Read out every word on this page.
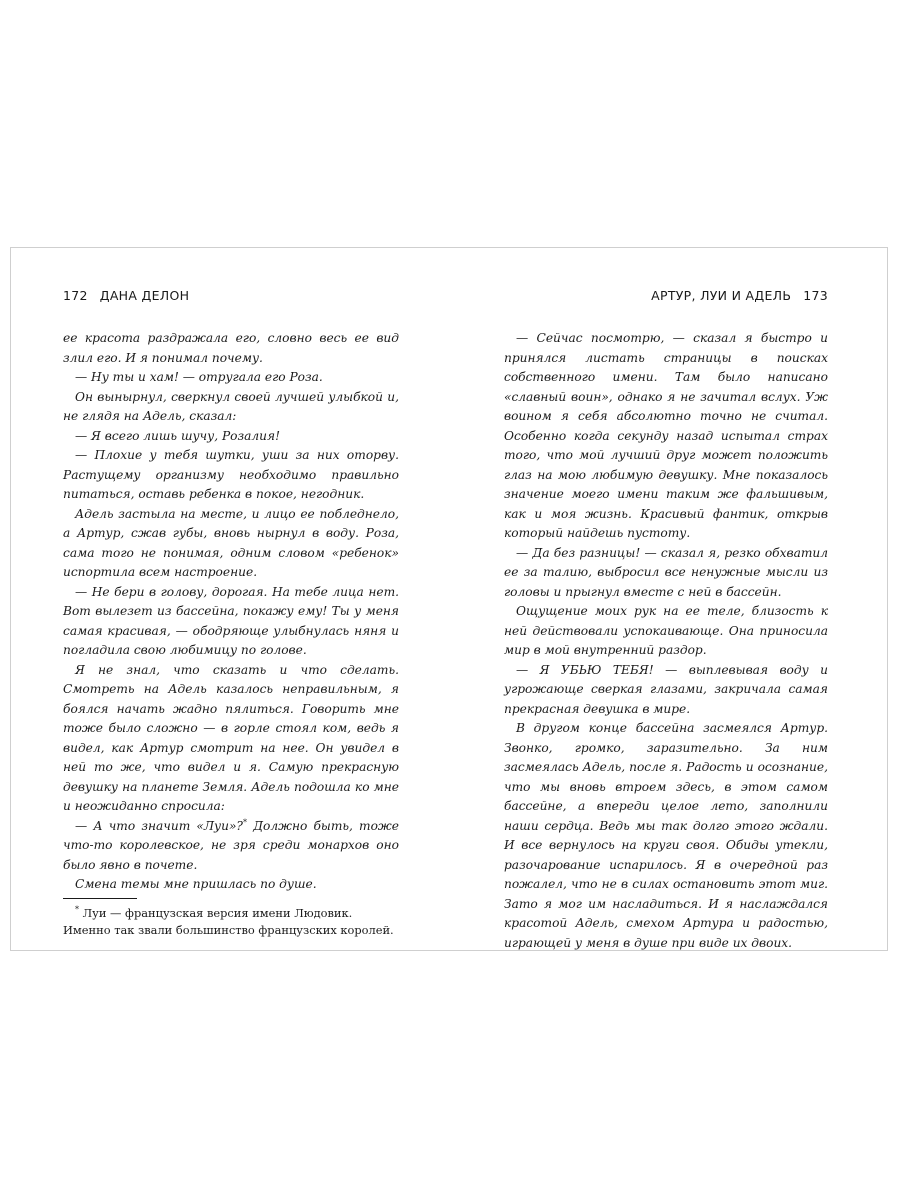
172 ДАНА ДЕЛОН

ее красота раздражала его, словно весь ее вид злил его. И я понимал почему.

— Ну ты и хам! — отругала его Роза.

Он вынырнул, сверкнул своей лучшей улыбкой и, не глядя на Адель, сказал:

— Я всего лишь шучу, Розалия!

— Плохие у тебя шутки, уши за них оторву. Растущему организму необходимо правильно питаться, оставь ребенка в покое, негодник.

Адель застыла на месте, и лицо ее побледнело, а Артур, сжав губы, вновь нырнул в воду. Роза, сама того не понимая, одним словом «ребенок» испортила всем настроение.

— Не бери в голову, дорогая. На тебе лица нет. Вот вылезет из бассейна, покажу ему! Ты у меня самая красивая, — ободряюще улыбнулась няня и погладила свою любимицу по голове.

Я не знал, что сказать и что сделать. Смотреть на Адель казалось неправильным, я боялся начать жадно пялиться. Говорить мне тоже было сложно — в горле стоял ком, ведь я видел, как Артур смотрит на нее. Он увидел в ней то же, что видел и я. Самую прекрасную девушку на планете Земля. Адель подошла ко мне и неожиданно спросила:

— А что значит «Луи»?* Должно быть, тоже что-то королевское, не зря среди монархов оно было явно в почете.

Смена темы мне пришлась по душе.

* Луи — французская версия имени Людовик. Именно так звали большинство французских королей.

АРТУР, ЛУИ И АДЕЛЬ 173

— Сейчас посмотрю, — сказал я быстро и принялся листать страницы в поисках собственного имени. Там было написано «славный воин», однако я не зачитал вслух. Уж воином я себя абсолютно точно не считал. Особенно когда секунду назад испытал страх того, что мой лучший друг может положить глаз на мою любимую девушку. Мне показалось значение моего имени таким же фальшивым, как и моя жизнь. Красивый фантик, открыв который найдешь пустоту.

— Да без разницы! — сказал я, резко обхватил ее за талию, выбросил все ненужные мысли из головы и прыгнул вместе с ней в бассейн.

Ощущение моих рук на ее теле, близость к ней действовали успокаивающе. Она приносила мир в мой внутренний раздор.

— Я УБЬЮ ТЕБЯ! — выплевывая воду и угрожающе сверкая глазами, закричала самая прекрасная девушка в мире.

В другом конце бассейна засмеялся Артур. Звонко, громко, заразительно. За ним засмеялась Адель, после я. Радость и осознание, что мы вновь втроем здесь, в этом самом бассейне, а впереди целое лето, заполнили наши сердца. Ведь мы так долго этого ждали. И все вернулось на круги своя. Обиды утекли, разочарование испарилось. Я в очередной раз пожалел, что не в силах остановить этот миг. Зато я мог им насладиться. И я наслаждался красотой Адель, смехом Артура и радостью, играющей у меня в душе при виде их двоих.
